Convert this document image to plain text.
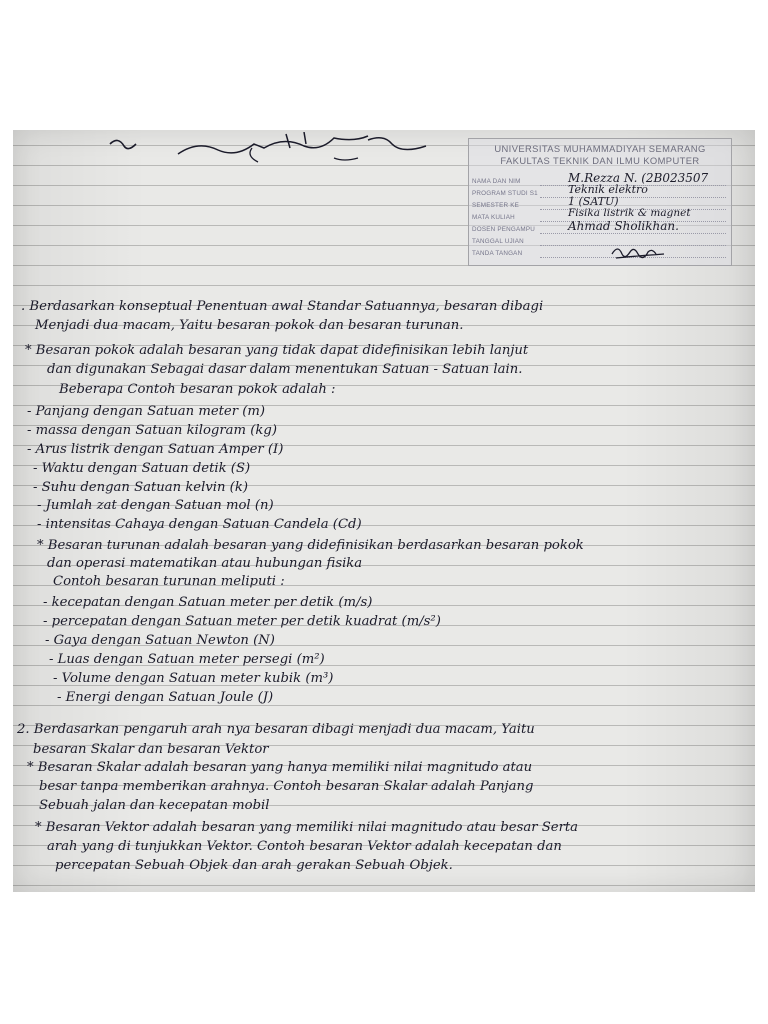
UNIVERSITAS MUHAMMADIYAH SEMARANG
FAKULTAS TEKNIK DAN ILMU KOMPUTER
NAMA DAN NIM	M.Rezza N. (2B023507
PROGRAM STUDI S1	Teknik elektro
SEMESTER KE	1 (SATU)
MATA KULIAH	Fisika listrik & magnet
DOSEN PENGAMPU	Ahmad Sholikhan.
TANGGAL UJIAN
TANDA TANGAN
. Berdasarkan konseptual Penentuan awal Standar Satuannya, besaran dibagi
Menjadi dua macam, Yaitu besaran pokok dan besaran turunan.
* Besaran pokok adalah besaran yang tidak dapat didefinisikan lebih lanjut
dan digunakan Sebagai dasar dalam menentukan Satuan - Satuan lain.
Beberapa Contoh besaran pokok adalah :
- Panjang dengan Satuan meter (m)
- massa dengan Satuan kilogram (kg)
- Arus listrik dengan Satuan Amper (I)
- Waktu dengan Satuan detik (S)
- Suhu dengan Satuan kelvin (k)
- Jumlah zat dengan Satuan mol (n)
- intensitas Cahaya dengan Satuan Candela (Cd)
* Besaran turunan adalah besaran yang didefinisikan berdasarkan besaran pokok
dan operasi matematikan atau hubungan fisika
Contoh besaran turunan meliputi :
- kecepatan dengan Satuan meter per detik (m/s)
- percepatan dengan Satuan meter per detik kuadrat (m/s²)
- Gaya dengan Satuan Newton (N)
- Luas dengan Satuan meter persegi (m²)
- Volume dengan Satuan meter kubik (m³)
- Energi dengan Satuan Joule (J)
2. Berdasarkan pengaruh arah nya besaran dibagi menjadi dua macam, Yaitu
besaran Skalar dan besaran Vektor
* Besaran Skalar adalah besaran yang hanya memiliki nilai magnitudo atau
besar tanpa memberikan arahnya. Contoh besaran Skalar adalah Panjang
Sebuah jalan dan kecepatan mobil
* Besaran Vektor adalah besaran yang memiliki nilai magnitudo atau besar Serta
arah yang di tunjukkan Vektor. Contoh besaran Vektor adalah kecepatan dan
percepatan Sebuah Objek dan arah gerakan Sebuah Objek.
